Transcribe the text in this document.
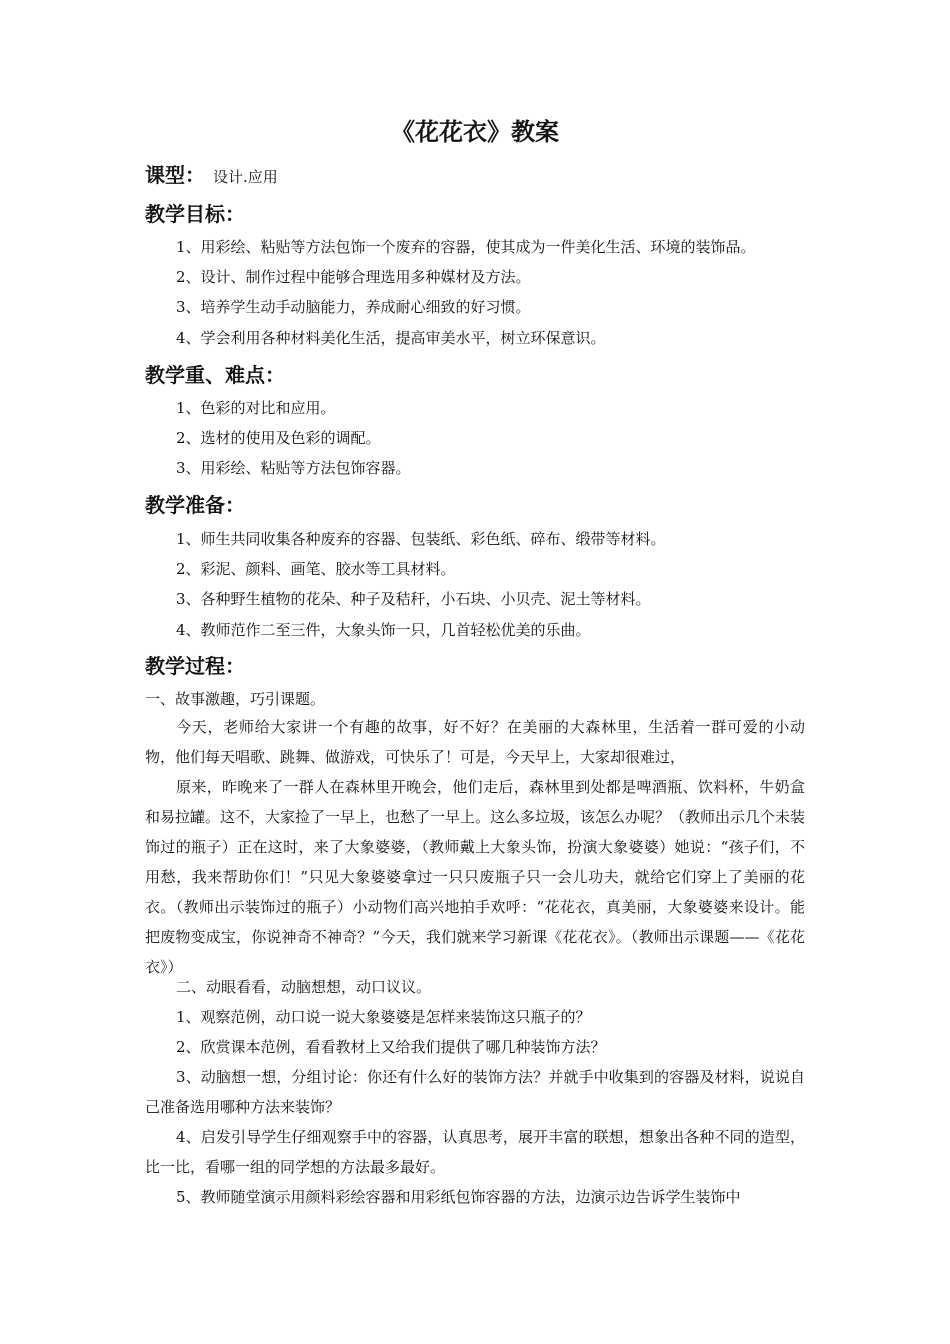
《花花衣》教案
课型： 设计.应用
教学目标：
1、用彩绘、粘贴等方法包饰一个废弃的容器，使其成为一件美化生活、环境的装饰品。
2、设计、制作过程中能够合理选用多种媒材及方法。
3、培养学生动手动脑能力，养成耐心细致的好习惯。
4、学会利用各种材料美化生活，提高审美水平，树立环保意识。
教学重、难点：
1、色彩的对比和应用。
2、选材的使用及色彩的调配。
3、用彩绘、粘贴等方法包饰容器。
教学准备：
1、师生共同收集各种废弃的容器、包装纸、彩色纸、碎布、缎带等材料。
2、彩泥、颜料、画笔、胶水等工具材料。
3、各种野生植物的花朵、种子及秸秆，小石块、小贝壳、泥土等材料。
4、教师范作二至三件，大象头饰一只，几首轻松优美的乐曲。
教学过程：
一、故事激趣，巧引课题。
今天，老师给大家讲一个有趣的故事，好不好？在美丽的大森林里，生活着一群可爱的小动物，他们每天唱歌、跳舞、做游戏，可快乐了！可是，今天早上，大家却很难过，
原来，昨晚来了一群人在森林里开晚会，他们走后，森林里到处都是啤酒瓶、饮料杯，牛奶盒和易拉罐。这不，大家捡了一早上，也愁了一早上。这么多垃圾，该怎么办呢？（教师出示几个未装饰过的瓶子）正在这时，来了大象婆婆，（教师戴上大象头饰，扮演大象婆婆）她说：“孩子们，不用愁，我来帮助你们！”只见大象婆婆拿过一只只废瓶子只一会儿功夫，就给它们穿上了美丽的花衣。（教师出示装饰过的瓶子）小动物们高兴地拍手欢呼：“花花衣，真美丽，大象婆婆来设计。能把废物变成宝，你说神奇不神奇？”今天，我们就来学习新课《花花衣》。（教师出示课题——《花花衣》）
二、动眼看看，动脑想想，动口议议。
1、观察范例，动口说一说大象婆婆是怎样来装饰这只瓶子的？
2、欣赏课本范例，看看教材上又给我们提供了哪几种装饰方法？
3、动脑想一想，分组讨论：你还有什么好的装饰方法？并就手中收集到的容器及材料，说说自己准备选用哪种方法来装饰？
4、启发引导学生仔细观察手中的容器，认真思考，展开丰富的联想，想象出各种不同的造型，比一比，看哪一组的同学想的方法最多最好。
5、教师随堂演示用颜料彩绘容器和用彩纸包饰容器的方法，边演示边告诉学生装饰中
